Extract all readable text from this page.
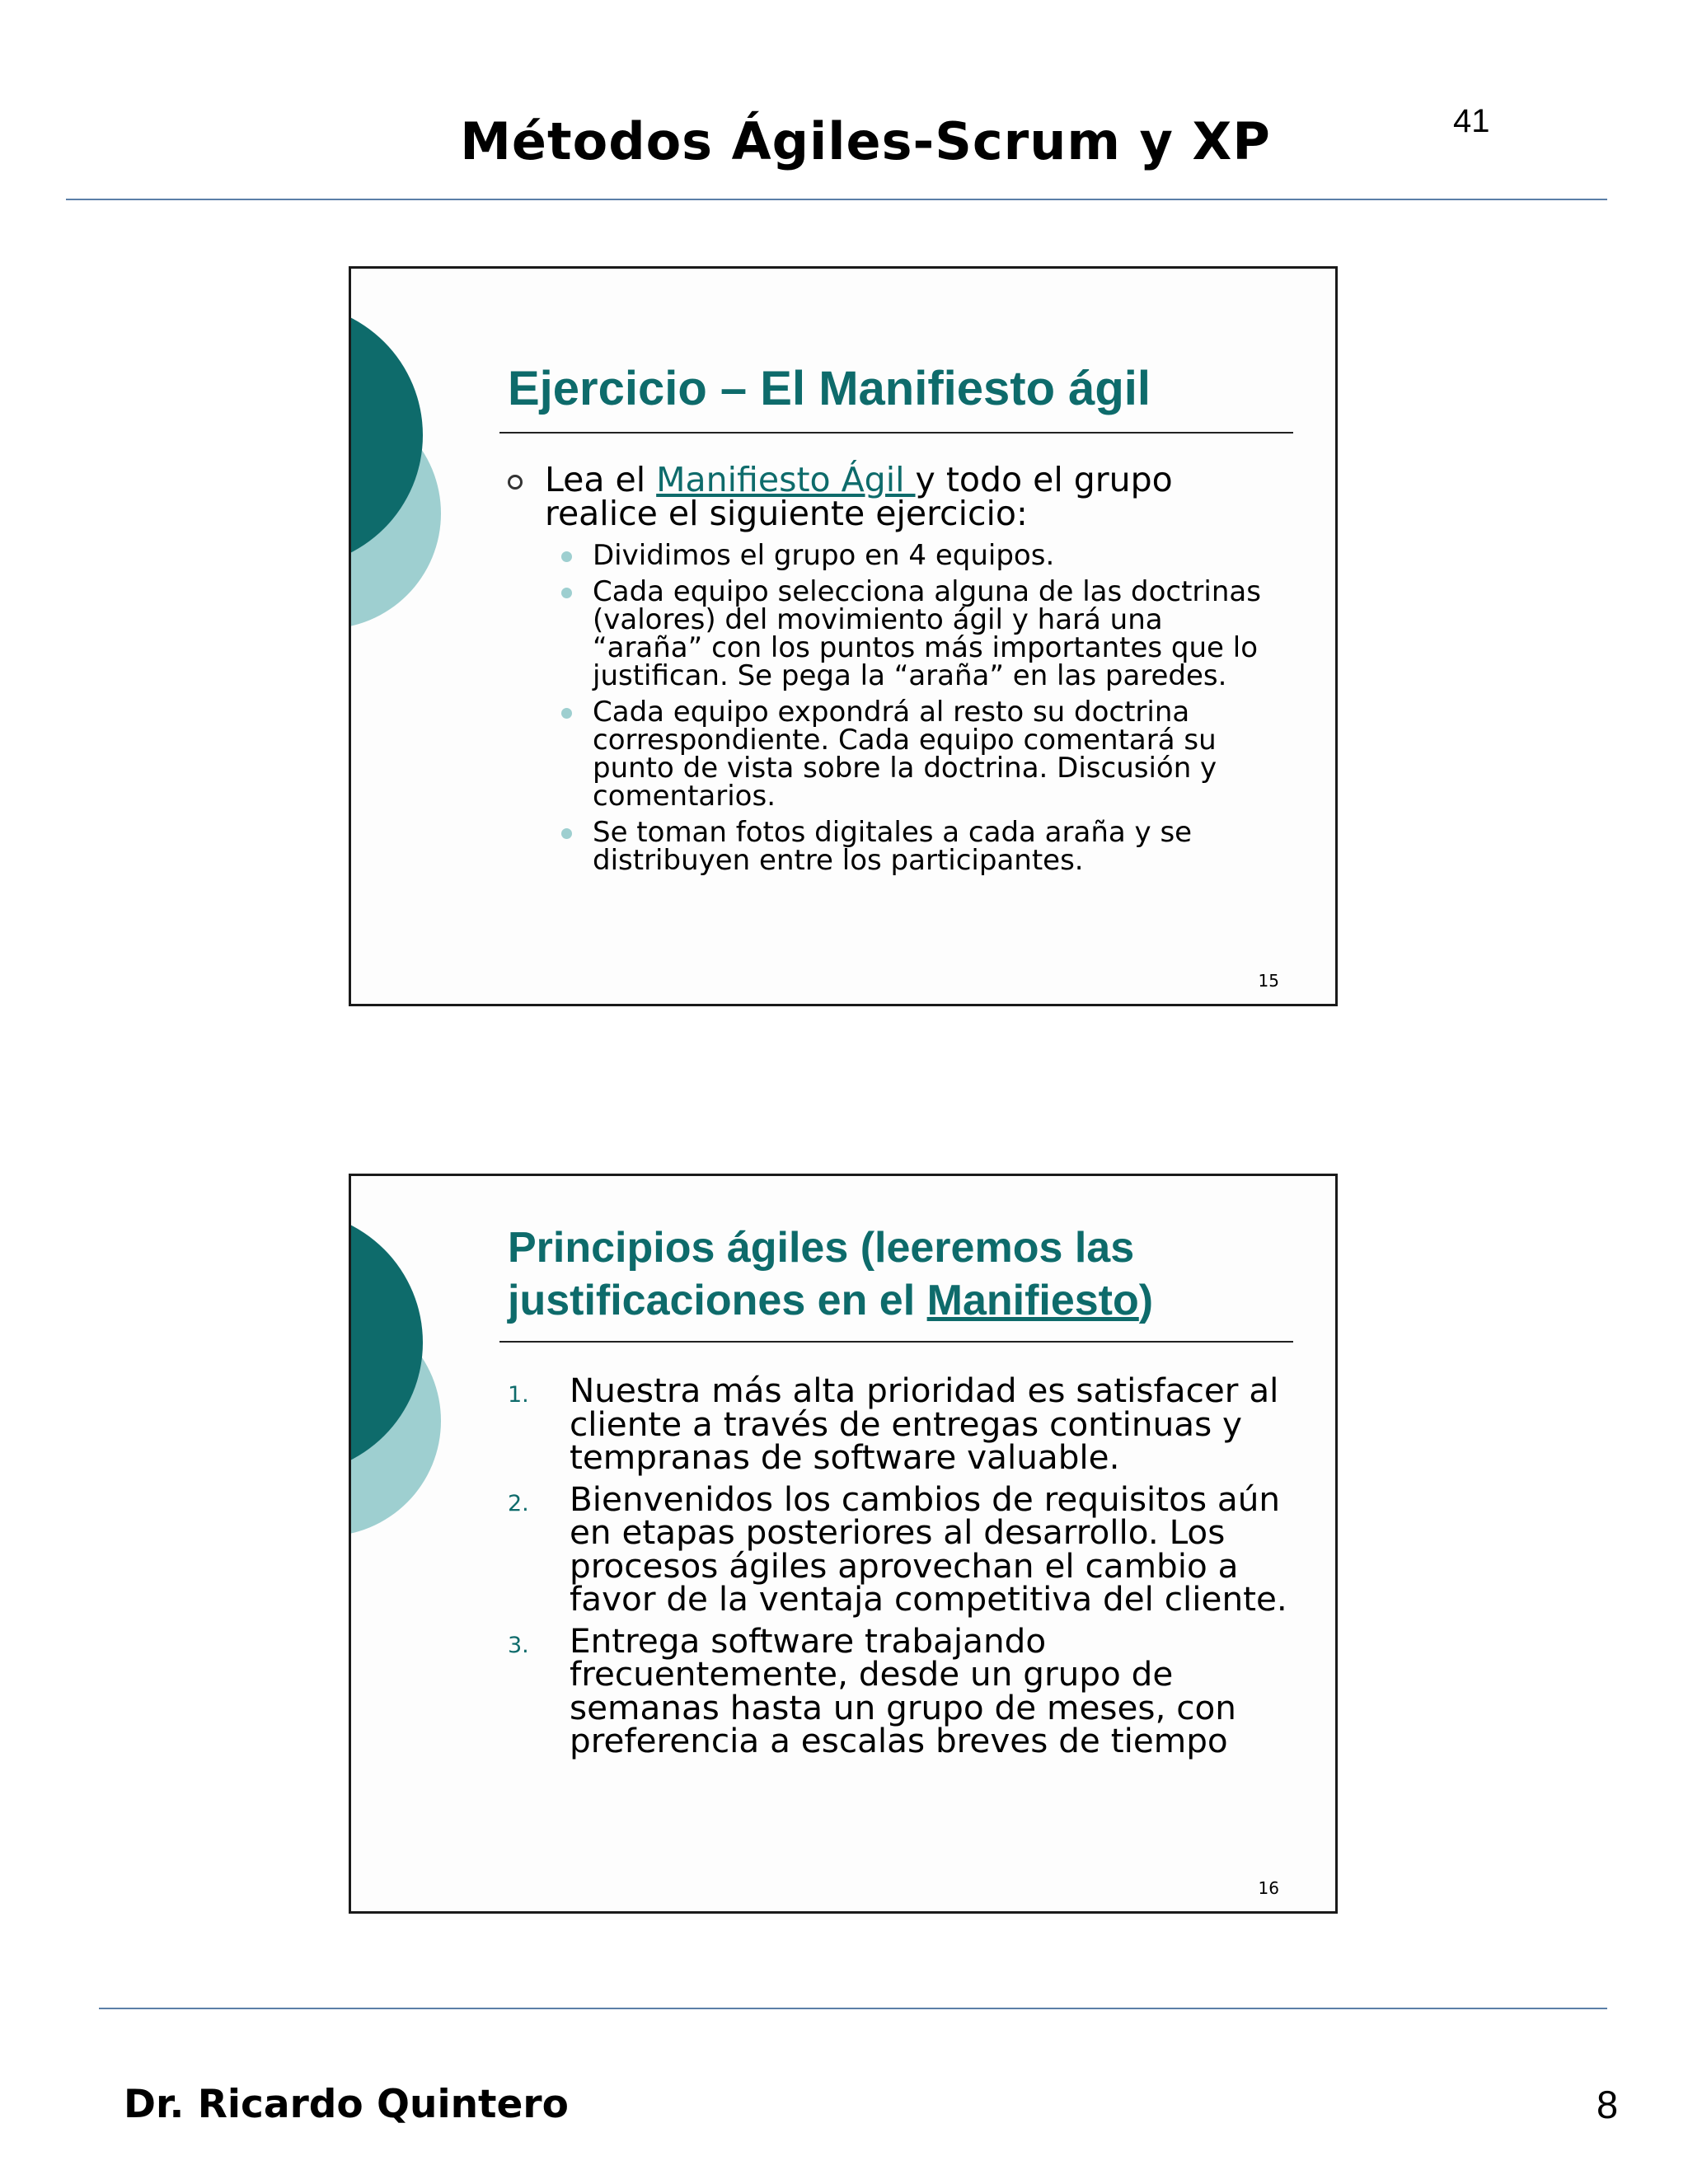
Métodos Ágiles-Scrum y XP	41
Ejercicio – El Manifiesto ágil
Lea el Manifiesto Ágil y todo el grupo realice el siguiente ejercicio:
Dividimos el grupo en 4 equipos.
Cada equipo selecciona alguna de las doctrinas (valores) del movimiento ágil y hará una “araña” con los puntos más importantes que lo justifican. Se pega la “araña” en las paredes.
Cada equipo expondrá al resto su doctrina correspondiente. Cada equipo comentará su punto de vista sobre la doctrina. Discusión y comentarios.
Se toman fotos digitales a cada araña y se distribuyen entre los participantes.
15
Principios ágiles (leeremos las justificaciones en el Manifiesto)
1. Nuestra más alta prioridad es satisfacer al cliente a través de entregas continuas y tempranas de software valuable.
2. Bienvenidos los cambios de requisitos aún en etapas posteriores al desarrollo. Los procesos ágiles aprovechan el cambio a favor de la ventaja competitiva del cliente.
3. Entrega software trabajando frecuentemente, desde un grupo de semanas hasta un grupo de meses, con preferencia a escalas breves de tiempo
16
Dr. Ricardo Quintero	8
